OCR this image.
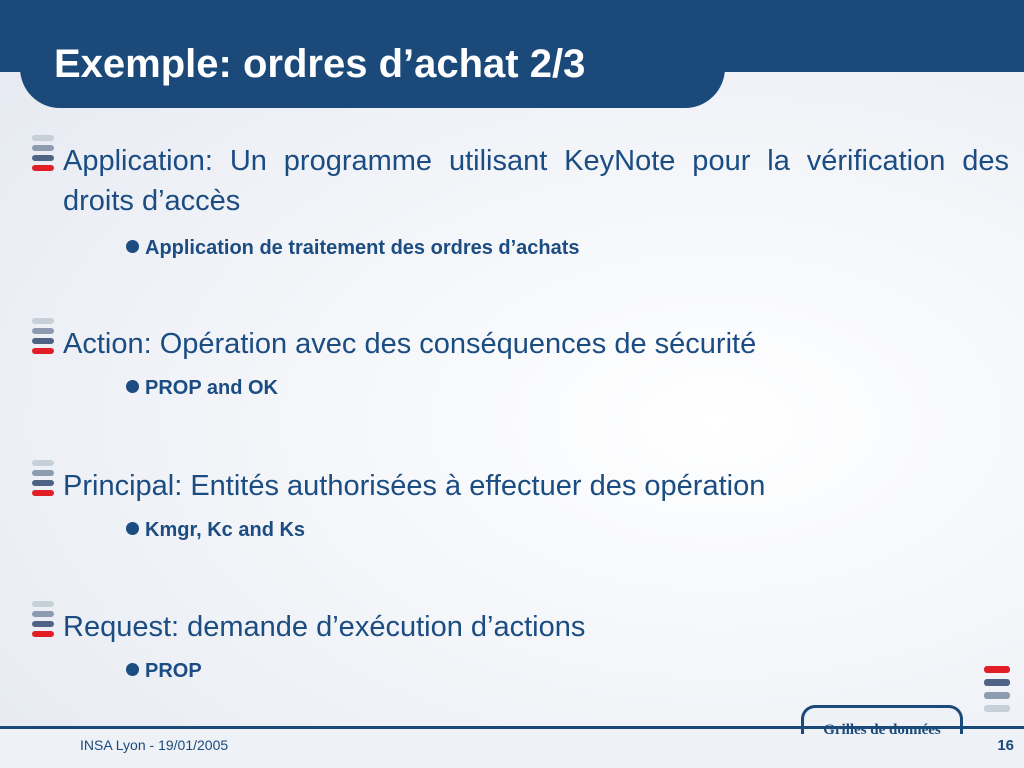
Exemple: ordres d’achat 2/3

Application: Un programme utilisant KeyNote pour la vérification des droits d’accès

Application de traitement des ordres d’achats

Action: Opération avec des conséquences de sécurité

PROP and OK

Principal: Entités authorisées à effectuer des opération

Kmgr, Kc and Ks

Request: demande d’exécution d’actions

PROP

Grilles de données
INSA Lyon - 19/01/2005	16
